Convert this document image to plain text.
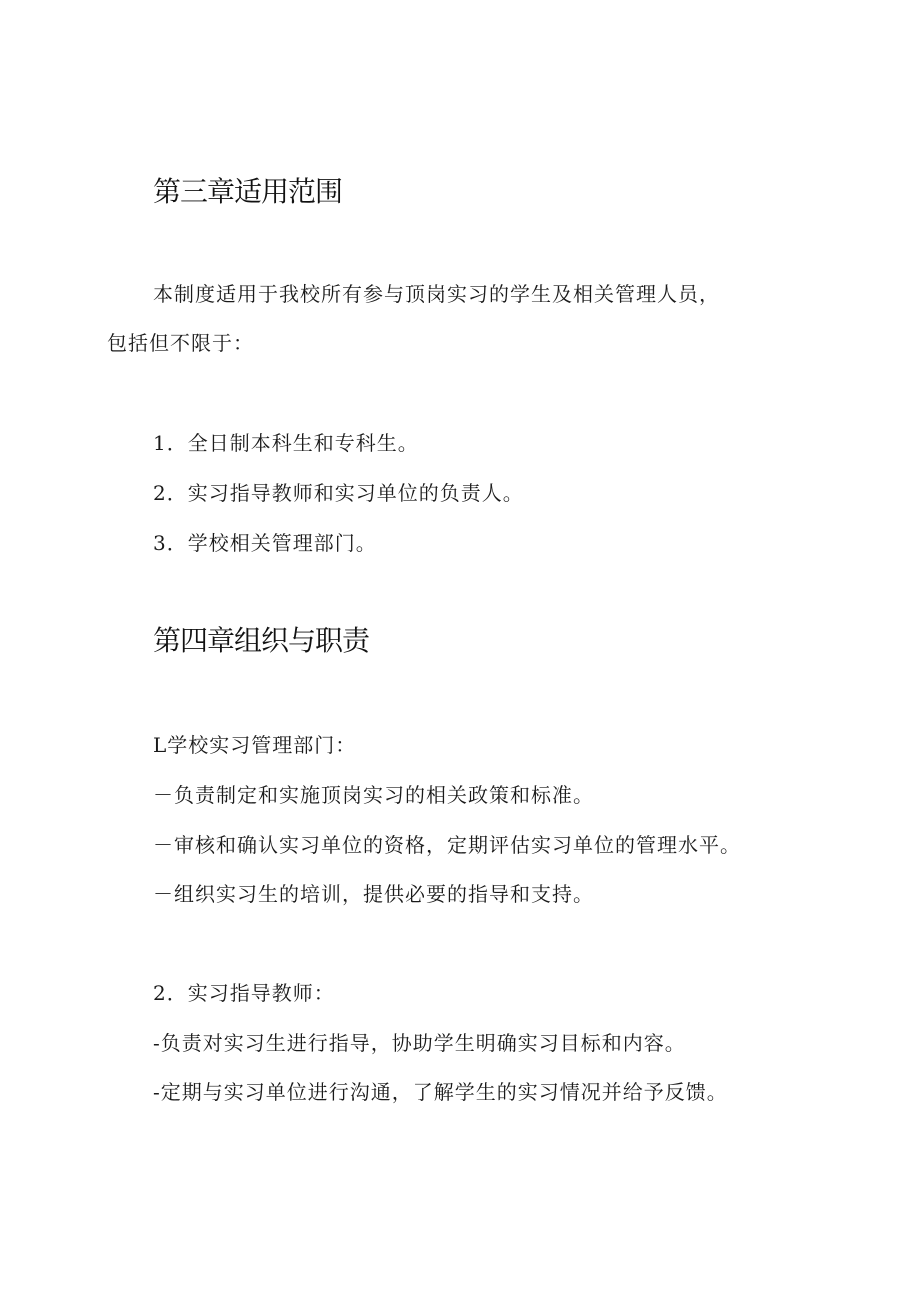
第三章适用范围
本制度适用于我校所有参与顶岗实习的学生及相关管理人员，
包括但不限于：
1．全日制本科生和专科生。
2．实习指导教师和实习单位的负责人。
3．学校相关管理部门。
第四章组织与职责
L学校实习管理部门：
－负责制定和实施顶岗实习的相关政策和标准。
－审核和确认实习单位的资格，定期评估实习单位的管理水平。
－组织实习生的培训，提供必要的指导和支持。
2．实习指导教师：
-负责对实习生进行指导，协助学生明确实习目标和内容。
-定期与实习单位进行沟通，了解学生的实习情况并给予反馈。
